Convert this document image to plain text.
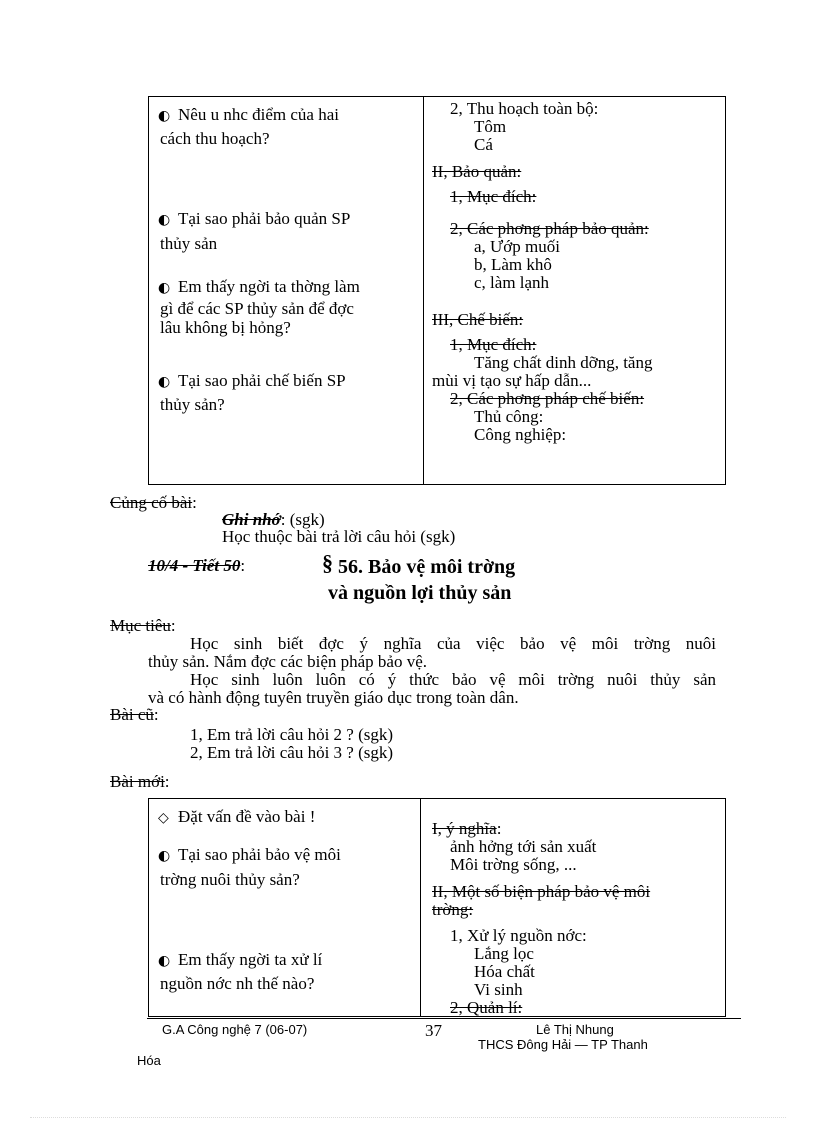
◐ Nêu u nhc điểm của hai
cách thu hoạch?
◐ Tại sao phải bảo quản SP
thủy sản
◐ Em thấy ngời ta thờng làm
gì để các SP thủy sản để đợc
lâu không bị hỏng?
◐ Tại sao phải chế biến SP
thủy sản?
2, Thu hoạch toàn bộ:
Tôm
Cá
II, Bảo quản:
1, Mục đích:
2, Các phơng pháp bảo quản:
a, Ướp muối
b, Làm khô
c, làm lạnh
III, Chế biến:
1, Mục đích:
Tăng chất dinh dỡng, tăng
mùi vị tạo sự hấp dẫn...
2, Các phơng pháp chế biến:
Thủ công:
Công nghiệp:
Củng cố bài:
Ghi nhớ: (sgk)
Học thuộc bài trả lời câu hỏi (sgk)
10/4 - Tiết 50:	§ 56. Bảo vệ môi trờng
và nguồn lợi thủy sản
Mục tiêu:
Học sinh biết đợc ý nghĩa của việc bảo vệ môi trờng nuôi
thủy sản. Nắm đợc các biện pháp bảo vệ.
Học sinh luôn luôn có ý thức bảo vệ môi trờng nuôi thủy sản
và có hành động tuyên truyền giáo dục trong toàn dân.
Bài cũ:
1, Em trả lời câu hỏi 2 ? (sgk)
2, Em trả lời câu hỏi 3 ? (sgk)
Bài mới:
◇ Đặt vấn đề vào bài !
◐ Tại sao phải bảo vệ môi
trờng nuôi thủy sản?
◐ Em thấy ngời ta xử lí
nguồn nớc nh thế nào?
I, ý nghĩa:
ảnh hởng tới sản xuất
Môi trờng sống, ...
II, Một số biện pháp bảo vệ môi
trờng:
1, Xử lý nguồn nớc:
Lắng lọc
Hóa chất
Vi sinh
2, Quản lí:
G.A Công nghệ 7 (06-07)	37	Lê Thị Nhung
THCS Đông Hải — TP Thanh
Hóa
